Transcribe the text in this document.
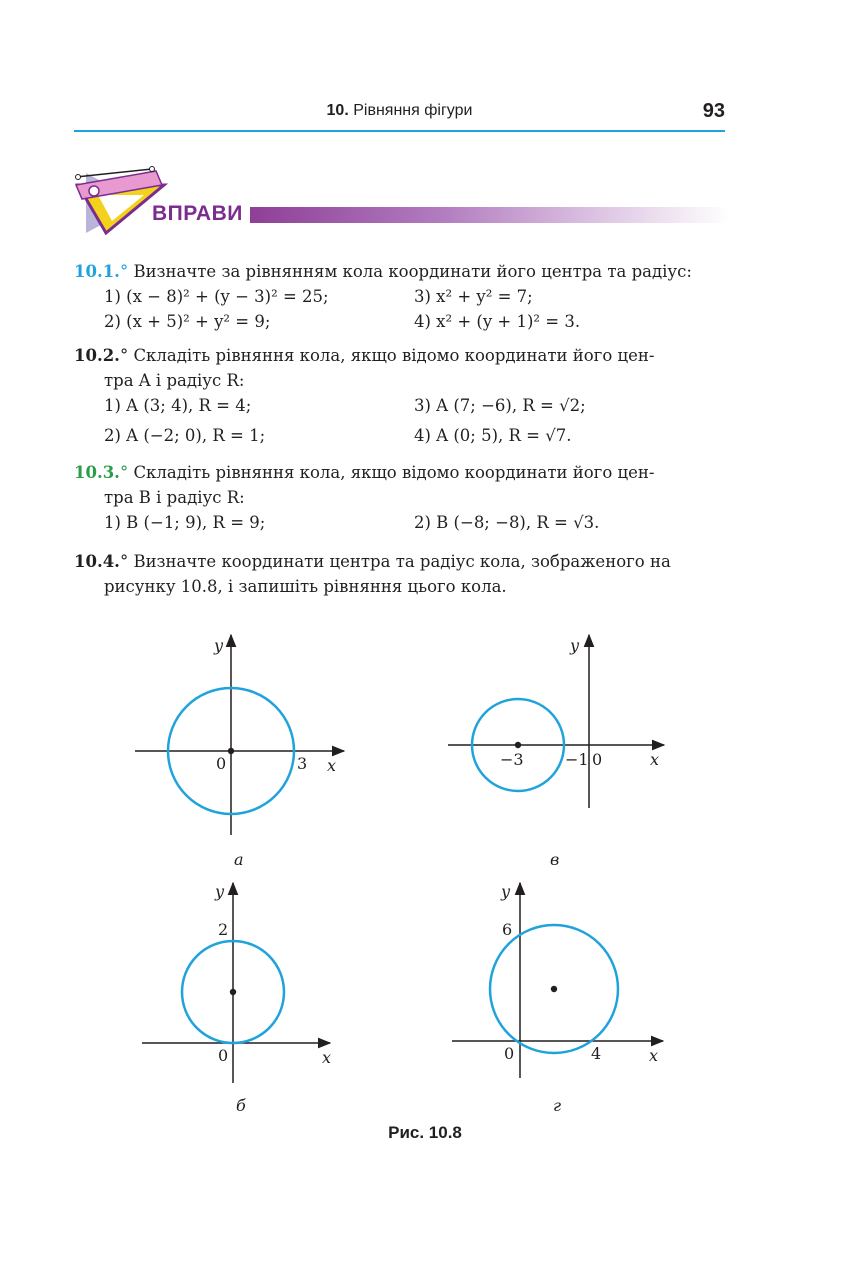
10. Рівняння фігури	93
ВПРАВИ
10.1.° Визначте за рівнянням кола координати його центра та радіус:
1) (x − 8)² + (y − 3)² = 25;	3) x² + y² = 7;
2) (x + 5)² + y² = 9;	4) x² + (y + 1)² = 3.
10.2.° Складіть рівняння кола, якщо відомо координати його цен-
тра A і радіус R:
1) A (3; 4), R = 4;	3) A (7; −6), R = √2;
2) A (−2; 0), R = 1;	4) A (0; 5), R = √7.
10.3.° Складіть рівняння кола, якщо відомо координати його цен-
тра B і радіус R:
1) B (−1; 9), R = 9;	2) B (−8; −8), R = √3.
10.4.° Визначте координати центра та радіус кола, зображеного на
рисунку 10.8, і запишіть рівняння цього кола.
y
x
0	3
а
y
x
−3	−1 0
в
y
x
2
0
б
y
x
6
0	4
г
Рис. 10.8
